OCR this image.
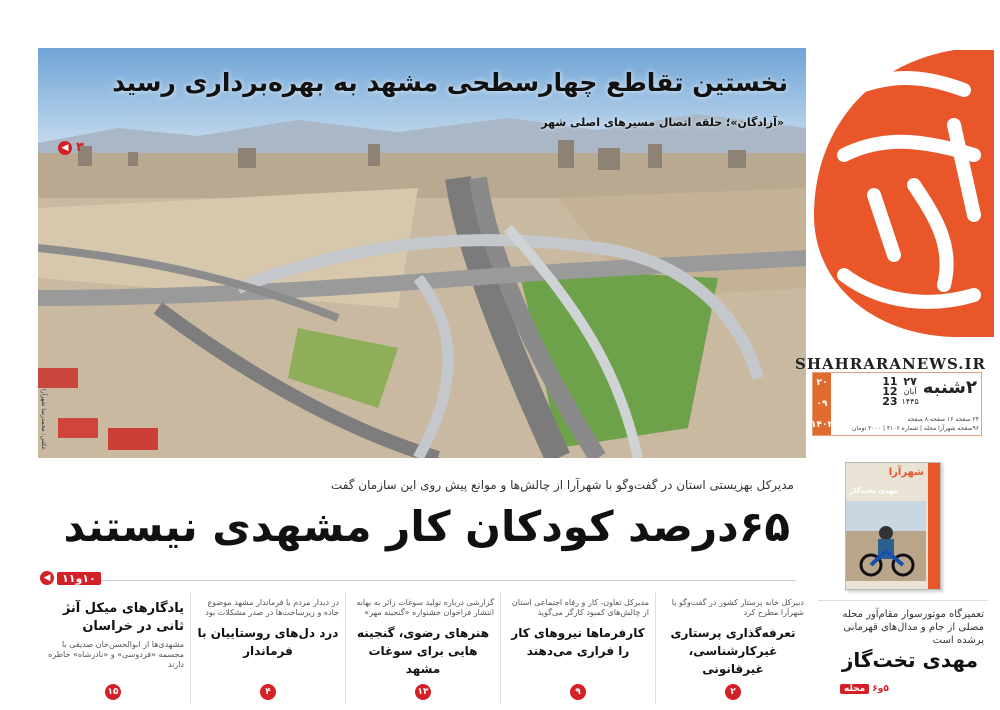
نخستین تقاطع چهارسطحی مشهد به بهره‌برداری رسید
«آزادگان»؛ حلقه اتصال مسیرهای اصلی شهر
۳
◀
عکس: محمدرضا شهرآرا
SHAHRARANEWS.IR
۲شنبه
۲۷
آبان
۱۴۴۵
11
12
23
۲۰
۰۹
۱۴۰۲
۲۴ صفحه ۱۶ صفحه ۸ صفحه
۹۶صفحه شهرآرا محله | شماره ۴۱۰۶ | ۲۰۰۰ تومان
مدیرکل بهزیستی استان در گفت‌وگو با شهرآرا از چالش‌ها و موانع پیش روی این سازمان گفت
۶۵درصد کودکان کار مشهدی نیستند
۱۰و۱۱
◀
شهرآرا
مهدی تخت‌گاز
تعمیرگاه موتورسوار مقام‌آور محله مصلی از جام و مدال‌های قهرمانی پرشده است
مهدی تخت‌گاز
۵و۶
محله
دبیرکل خانه پرستار کشور در گفت‌وگو با شهرآرا مطرح کرد
تعرفه‌گذاری پرستاری غیرکارشناسی، غیرقانونی
۲
مدیرکل تعاون، کار و رفاه اجتماعی استان از چالش‌های کمبود کارگر می‌گوید
کارفرماها نیروهای کار را فراری می‌دهند
۹
گزارشی درباره تولید سوغات زائر به بهانه انتشار فراخوان جشنواره «گنجینه مهر»
هنرهای رضوی، گنجینه هایی برای سوغات مشهد
۱۳
در دیدار مردم با فرماندار مشهد موضوع جاده و زیرساخت‌ها در صدر مشکلات بود
درد دل‌های روستاییان با فرماندار
۴
یادگارهای میکل آنژ ثانی در خراسان
مشهدی‌ها از ابوالحسن‌خان صدیقی با مجسمه «فردوسی» و «نادرشاه» خاطره دارند
۱۵
